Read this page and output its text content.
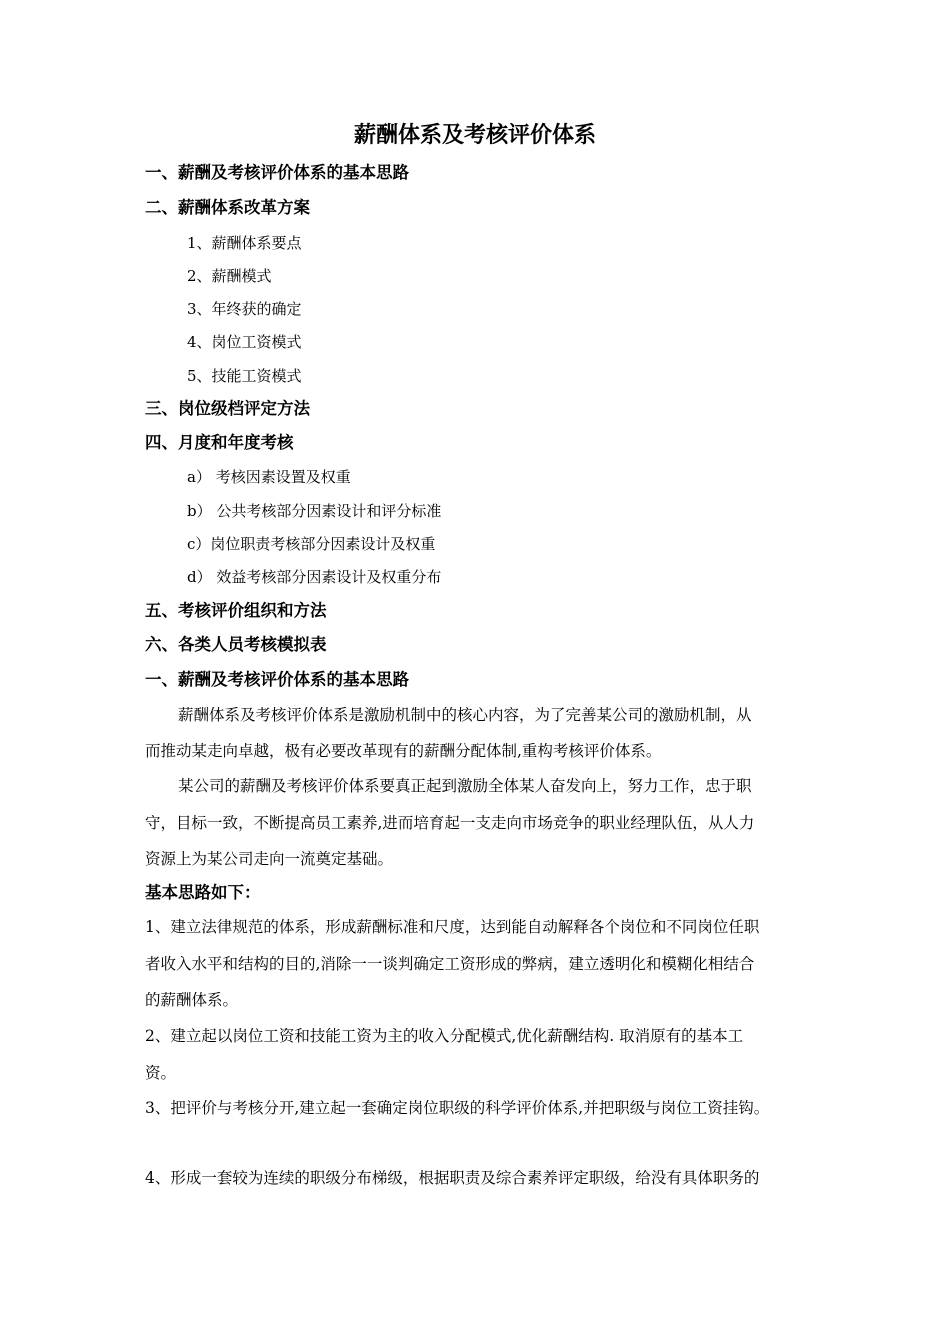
薪酬体系及考核评价体系
一、薪酬及考核评价体系的基本思路
二、薪酬体系改革方案
1、薪酬体系要点
2、薪酬模式
3、年终获的确定
4、岗位工资模式
5、技能工资模式
三、岗位级档评定方法
四、月度和年度考核
a） 考核因素设置及权重
b） 公共考核部分因素设计和评分标准
c）岗位职责考核部分因素设计及权重
d） 效益考核部分因素设计及权重分布
五、考核评价组织和方法
六、各类人员考核模拟表
一、薪酬及考核评价体系的基本思路
薪酬体系及考核评价体系是激励机制中的核心内容，为了完善某公司的激励机制，从
而推动某走向卓越，极有必要改革现有的薪酬分配体制,重构考核评价体系。
某公司的薪酬及考核评价体系要真正起到激励全体某人奋发向上，努力工作，忠于职
守，目标一致，不断提高员工素养,进而培育起一支走向市场竞争的职业经理队伍，从人力
资源上为某公司走向一流奠定基础。
基本思路如下：
1、建立法律规范的体系，形成薪酬标准和尺度，达到能自动解释各个岗位和不同岗位任职
者收入水平和结构的目的,消除一一谈判确定工资形成的弊病，建立透明化和模糊化相结合
的薪酬体系。
2、建立起以岗位工资和技能工资为主的收入分配模式,优化薪酬结构. 取消原有的基本工
资。
3、把评价与考核分开,建立起一套确定岗位职级的科学评价体系,并把职级与岗位工资挂钩。
4、形成一套较为连续的职级分布梯级，根据职责及综合素养评定职级，给没有具体职务的
